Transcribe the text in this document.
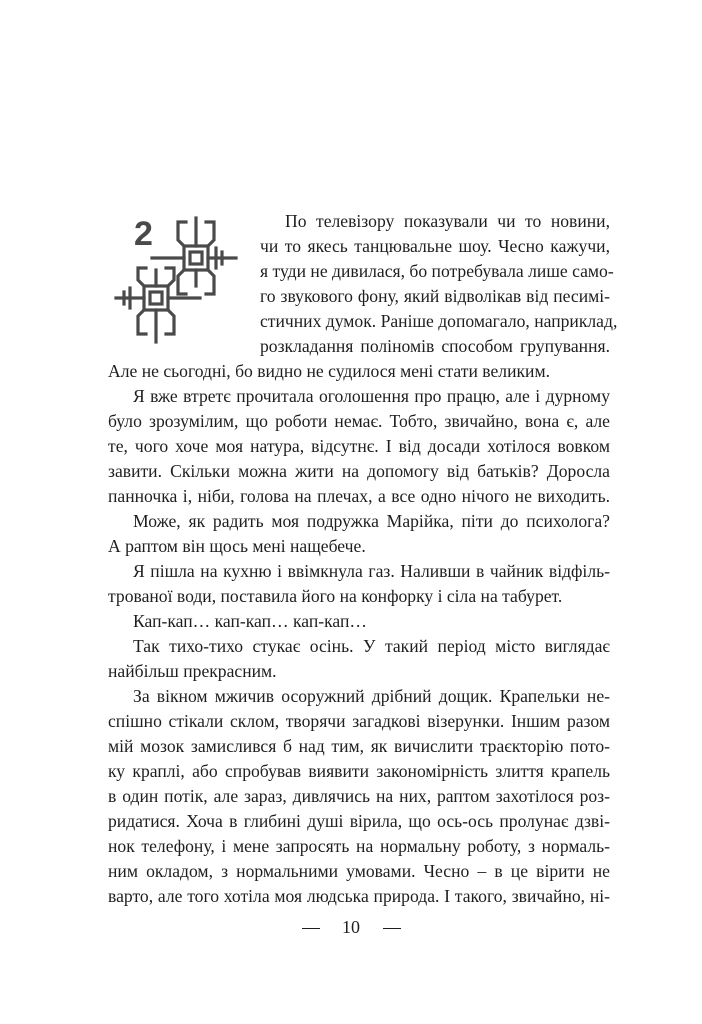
2	По телевізору показували чи то новини,
чи то якесь танцювальне шоу. Чесно кажучи,
я туди не дивилася, бо потребувала лише само-
го звукового фону, який відволікав від песимі-
стичних думок. Раніше допомагало, наприклад,
розкладання поліномів способом групування.
Але не сьогодні, бо видно не судилося мені стати великим.
Я вже втретє прочитала оголошення про працю, але і дурному
було зрозумілим, що роботи немає. Тобто, звичайно, вона є, але
те, чого хоче моя натура, відсутнє. І від досади хотілося вовком
завити. Скільки можна жити на допомогу від батьків? Доросла
панночка і, ніби, голова на плечах, а все одно нічого не виходить.
Може, як радить моя подружка Марійка, піти до психолога?
А раптом він щось мені нащебече.
Я пішла на кухню і ввімкнула газ. Наливши в чайник відфіль-
трованої води, поставила його на конфорку і сіла на табурет.
Кап-кап… кап-кап… кап-кап…
Так тихо-тихо стукає осінь. У такий період місто виглядає
найбільш прекрасним.
За вікном мжичив осоружний дрібний дощик. Крапельки не-
спішно стікали склом, творячи загадкові візерунки. Іншим разом
мій мозок замислився б над тим, як вичислити траєкторію пото-
ку краплі, або спробував виявити закономірність злиття крапель
в один потік, але зараз, дивлячись на них, раптом захотілося роз-
ридатися. Хоча в глибині душі вірила, що ось-ось пролунає дзві-
нок телефону, і мене запросять на нормальну роботу, з нормаль-
ним окладом, з нормальними умовами. Чесно – в це вірити не
варто, але того хотіла моя людська природа. І такого, звичайно, ні-
10
